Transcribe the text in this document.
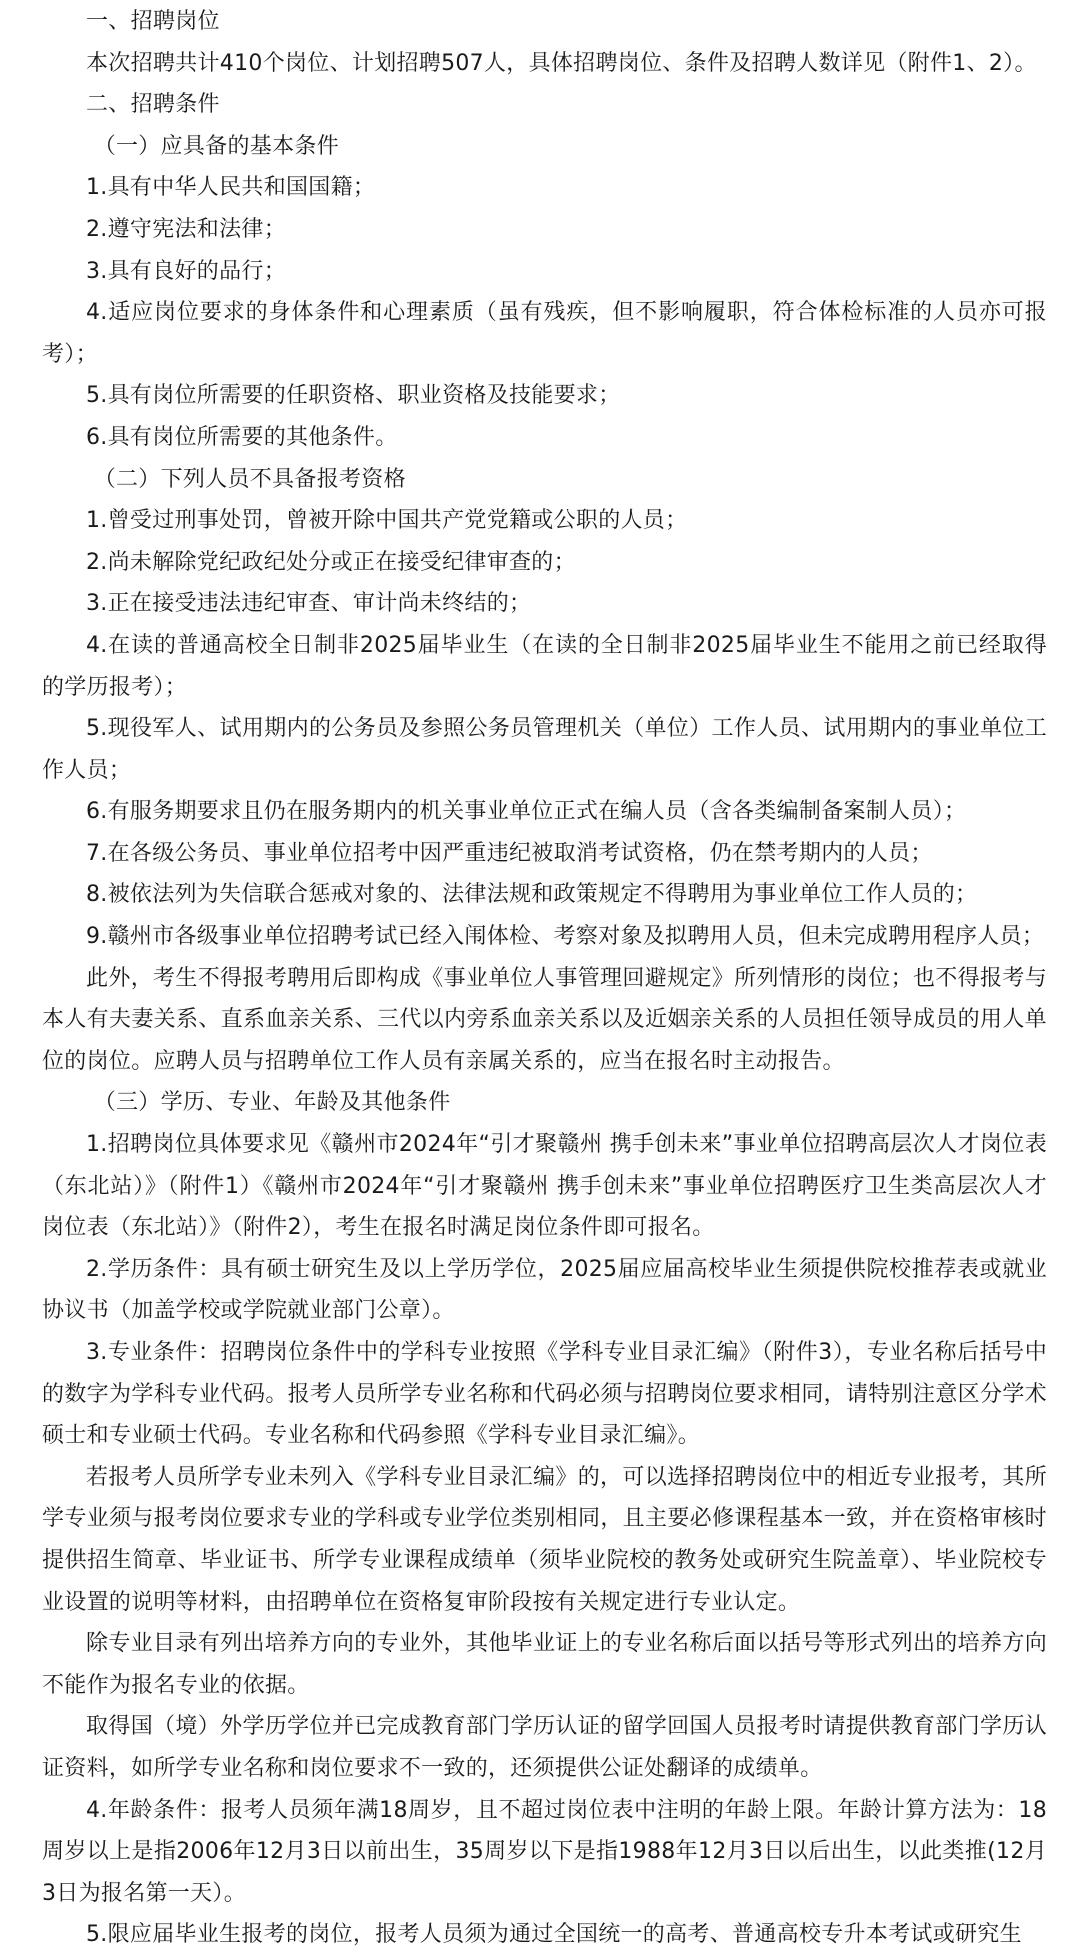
一、招聘岗位

本次招聘共计410个岗位、计划招聘507人，具体招聘岗位、条件及招聘人数详见（附件1、2）。

二、招聘条件

（一）应具备的基本条件

1.具有中华人民共和国国籍；

2.遵守宪法和法律；

3.具有良好的品行；

4.适应岗位要求的身体条件和心理素质（虽有残疾，但不影响履职，符合体检标准的人员亦可报考）；

5.具有岗位所需要的任职资格、职业资格及技能要求；

6.具有岗位所需要的其他条件。

（二）下列人员不具备报考资格

1.曾受过刑事处罚，曾被开除中国共产党党籍或公职的人员；

2.尚未解除党纪政纪处分或正在接受纪律审查的；

3.正在接受违法违纪审查、审计尚未终结的；

4.在读的普通高校全日制非2025届毕业生（在读的全日制非2025届毕业生不能用之前已经取得的学历报考）；

5.现役军人、试用期内的公务员及参照公务员管理机关（单位）工作人员、试用期内的事业单位工作人员；

6.有服务期要求且仍在服务期内的机关事业单位正式在编人员（含各类编制备案制人员）；

7.在各级公务员、事业单位招考中因严重违纪被取消考试资格，仍在禁考期内的人员；

8.被依法列为失信联合惩戒对象的、法律法规和政策规定不得聘用为事业单位工作人员的；

9.赣州市各级事业单位招聘考试已经入闱体检、考察对象及拟聘用人员，但未完成聘用程序人员；

此外，考生不得报考聘用后即构成《事业单位人事管理回避规定》所列情形的岗位；也不得报考与本人有夫妻关系、直系血亲关系、三代以内旁系血亲关系以及近姻亲关系的人员担任领导成员的用人单位的岗位。应聘人员与招聘单位工作人员有亲属关系的，应当在报名时主动报告。

（三）学历、专业、年龄及其他条件

1.招聘岗位具体要求见《赣州市2024年“引才聚赣州 携手创未来”事业单位招聘高层次人才岗位表（东北站）》（附件1）《赣州市2024年“引才聚赣州 携手创未来”事业单位招聘医疗卫生类高层次人才岗位表（东北站）》（附件2），考生在报名时满足岗位条件即可报名。

2.学历条件：具有硕士研究生及以上学历学位，2025届应届高校毕业生须提供院校推荐表或就业协议书（加盖学校或学院就业部门公章）。

3.专业条件：招聘岗位条件中的学科专业按照《学科专业目录汇编》（附件3），专业名称后括号中的数字为学科专业代码。报考人员所学专业名称和代码必须与招聘岗位要求相同，请特别注意区分学术硕士和专业硕士代码。专业名称和代码参照《学科专业目录汇编》。

若报考人员所学专业未列入《学科专业目录汇编》的，可以选择招聘岗位中的相近专业报考，其所学专业须与报考岗位要求专业的学科或专业学位类别相同，且主要必修课程基本一致，并在资格审核时提供招生简章、毕业证书、所学专业课程成绩单（须毕业院校的教务处或研究生院盖章）、毕业院校专业设置的说明等材料，由招聘单位在资格复审阶段按有关规定进行专业认定。

除专业目录有列出培养方向的专业外，其他毕业证上的专业名称后面以括号等形式列出的培养方向不能作为报名专业的依据。

取得国（境）外学历学位并已完成教育部门学历认证的留学回国人员报考时请提供教育部门学历认证资料，如所学专业名称和岗位要求不一致的，还须提供公证处翻译的成绩单。

4.年龄条件：报考人员须年满18周岁，且不超过岗位表中注明的年龄上限。年龄计算方法为：18周岁以上是指2006年12月3日以前出生，35周岁以下是指1988年12月3日以后出生，以此类推(12月3日为报名第一天）。

5.限应届毕业生报考的岗位，报考人员须为通过全国统一的高考、普通高校专升本考试或研究生
